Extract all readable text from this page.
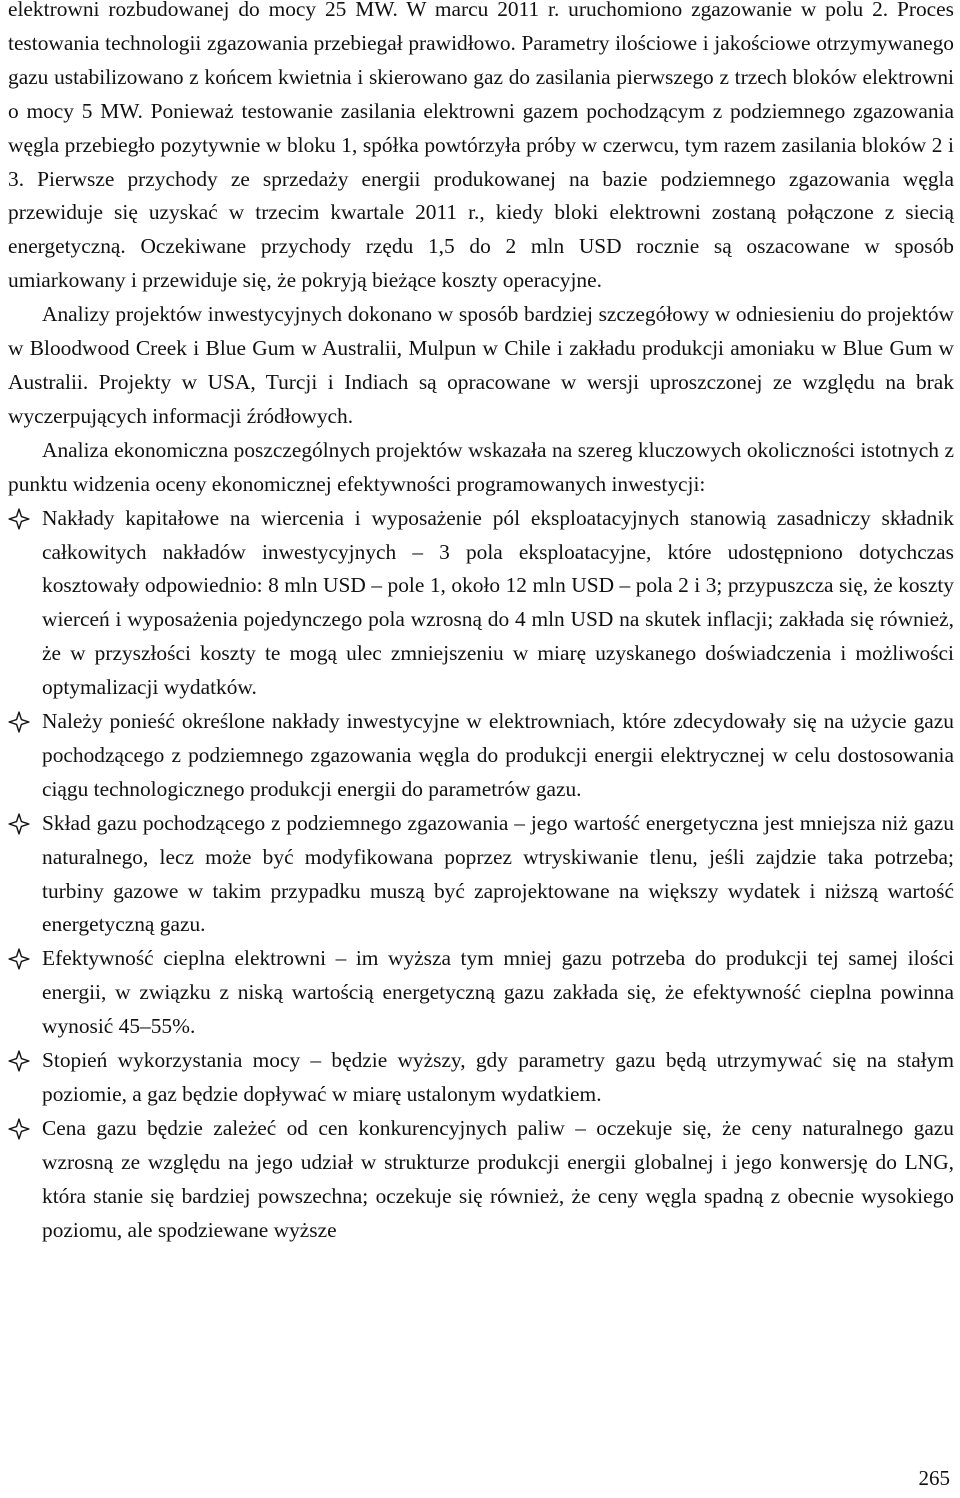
elektrowni rozbudowanej do mocy 25 MW. W marcu 2011 r. uruchomiono zgazowanie w polu 2. Proces testowania technologii zgazowania przebiegał prawidłowo. Parametry ilościowe i jakościowe otrzymywanego gazu ustabilizowano z końcem kwietnia i skierowano gaz do zasilania pierwszego z trzech bloków elektrowni o mocy 5 MW. Ponieważ testowanie zasilania elektrowni gazem pochodzącym z podziemnego zgazowania węgla przebiegło pozytywnie w bloku 1, spółka powtórzyła próby w czerwcu, tym razem zasilania bloków 2 i 3. Pierwsze przychody ze sprzedaży energii produkowanej na bazie podziemnego zgazowania węgla przewiduje się uzyskać w trzecim kwartale 2011 r., kiedy bloki elektrowni zostaną połączone z siecią energetyczną. Oczekiwane przychody rzędu 1,5 do 2 mln USD rocznie są oszacowane w sposób umiarkowany i przewiduje się, że pokryją bieżące koszty operacyjne.

Analizy projektów inwestycyjnych dokonano w sposób bardziej szczegółowy w odniesieniu do projektów w Bloodwood Creek i Blue Gum w Australii, Mulpun w Chile i zakładu produkcji amoniaku w Blue Gum w Australii. Projekty w USA, Turcji i Indiach są opracowane w wersji uproszczonej ze względu na brak wyczerpujących informacji źródłowych.

Analiza ekonomiczna poszczególnych projektów wskazała na szereg kluczowych okoliczności istotnych z punktu widzenia oceny ekonomicznej efektywności programowanych inwestycji:

Nakłady kapitałowe na wiercenia i wyposażenie pól eksploatacyjnych stanowią zasadniczy składnik całkowitych nakładów inwestycyjnych – 3 pola eksploatacyjne, które udostępniono dotychczas kosztowały odpowiednio: 8 mln USD – pole 1, około 12 mln USD – pola 2 i 3; przypuszcza się, że koszty wierceń i wyposażenia pojedynczego pola wzrosną do 4 mln USD na skutek inflacji; zakłada się również, że w przyszłości koszty te mogą ulec zmniejszeniu w miarę uzyskanego doświadczenia i możliwości optymalizacji wydatków.
Należy ponieść określone nakłady inwestycyjne w elektrowniach, które zdecydowały się na użycie gazu pochodzącego z podziemnego zgazowania węgla do produkcji energii elektrycznej w celu dostosowania ciągu technologicznego produkcji energii do parametrów gazu.
Skład gazu pochodzącego z podziemnego zgazowania – jego wartość energetyczna jest mniejsza niż gazu naturalnego, lecz może być modyfikowana poprzez wtryskiwanie tlenu, jeśli zajdzie taka potrzeba; turbiny gazowe w takim przypadku muszą być zaprojektowane na większy wydatek i niższą wartość energetyczną gazu.
Efektywność cieplna elektrowni – im wyższa tym mniej gazu potrzeba do produkcji tej samej ilości energii, w związku z niską wartością energetyczną gazu zakłada się, że efektywność cieplna powinna wynosić 45–55%.
Stopień wykorzystania mocy – będzie wyższy, gdy parametry gazu będą utrzymywać się na stałym poziomie, a gaz będzie dopływać w miarę ustalonym wydatkiem.
Cena gazu będzie zależeć od cen konkurencyjnych paliw – oczekuje się, że ceny naturalnego gazu wzrosną ze względu na jego udział w strukturze produkcji energii globalnej i jego konwersję do LNG, która stanie się bardziej powszechna; oczekuje się również, że ceny węgla spadną z obecnie wysokiego poziomu, ale spodziewane wyższe
265
